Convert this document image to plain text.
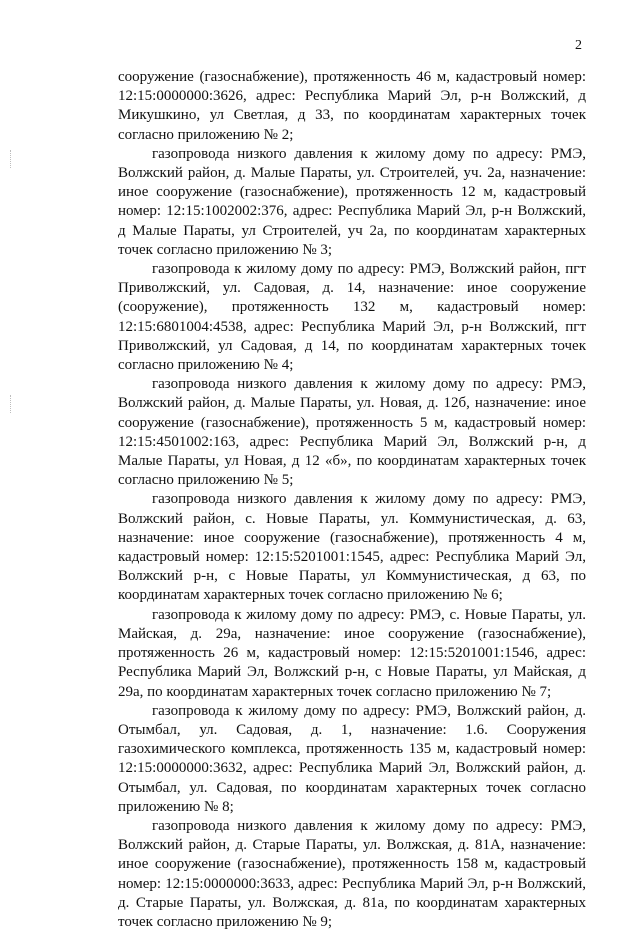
2

сооружение (газоснабжение), протяженность 46 м, кадастровый номер: 12:15:0000000:3626, адрес: Республика Марий Эл, р-н Волжский, д Микушкино, ул Светлая, д 33, по координатам характерных точек согласно приложению № 2;

газопровода низкого давления к жилому дому по адресу: РМЭ, Волжский район, д. Малые Параты, ул. Строителей, уч. 2а, назначение: иное сооружение (газоснабжение), протяженность 12 м, кадастровый номер: 12:15:1002002:376, адрес: Республика Марий Эл, р-н Волжский, д Малые Параты, ул Строителей, уч 2а, по координатам характерных точек согласно приложению № 3;

газопровода к жилому дому по адресу: РМЭ, Волжский район, пгт Приволжский, ул. Садовая, д. 14, назначение: иное сооружение (сооружение), протяженность 132 м, кадастровый номер: 12:15:6801004:4538, адрес: Республика Марий Эл, р-н Волжский, пгт Приволжский, ул Садовая, д 14, по координатам характерных точек согласно приложению № 4;

газопровода низкого давления к жилому дому по адресу: РМЭ, Волжский район, д. Малые Параты, ул. Новая, д. 12б, назначение: иное сооружение (газоснабжение), протяженность 5 м, кадастровый номер: 12:15:4501002:163, адрес: Республика Марий Эл, Волжский р-н, д Малые Параты, ул Новая, д 12 «б», по координатам характерных точек согласно приложению № 5;

газопровода низкого давления к жилому дому по адресу: РМЭ, Волжский район, с. Новые Параты, ул. Коммунистическая, д. 63, назначение: иное сооружение (газоснабжение), протяженность 4 м, кадастровый номер: 12:15:5201001:1545, адрес: Республика Марий Эл, Волжский р-н, с Новые Параты, ул Коммунистическая, д 63, по координатам характерных точек согласно приложению № 6;

газопровода к жилому дому по адресу: РМЭ, с. Новые Параты, ул. Майская, д. 29а, назначение: иное сооружение (газоснабжение), протяженность 26 м, кадастровый номер: 12:15:5201001:1546, адрес: Республика Марий Эл, Волжский р-н, с Новые Параты, ул Майская, д 29а, по координатам характерных точек согласно приложению № 7;

газопровода к жилому дому по адресу: РМЭ, Волжский район, д. Отымбал, ул. Садовая, д. 1, назначение: 1.6. Сооружения газохимического комплекса, протяженность 135 м, кадастровый номер: 12:15:0000000:3632, адрес: Республика Марий Эл, Волжский район, д. Отымбал, ул. Садовая, по координатам характерных точек согласно приложению № 8;

газопровода низкого давления к жилому дому по адресу: РМЭ, Волжский район, д. Старые Параты, ул. Волжская, д. 81А, назначение: иное сооружение (газоснабжение), протяженность 158 м, кадастровый номер: 12:15:0000000:3633, адрес: Республика Марий Эл, р-н Волжский, д. Старые Параты, ул. Волжская, д. 81а, по координатам характерных точек согласно приложению № 9;
